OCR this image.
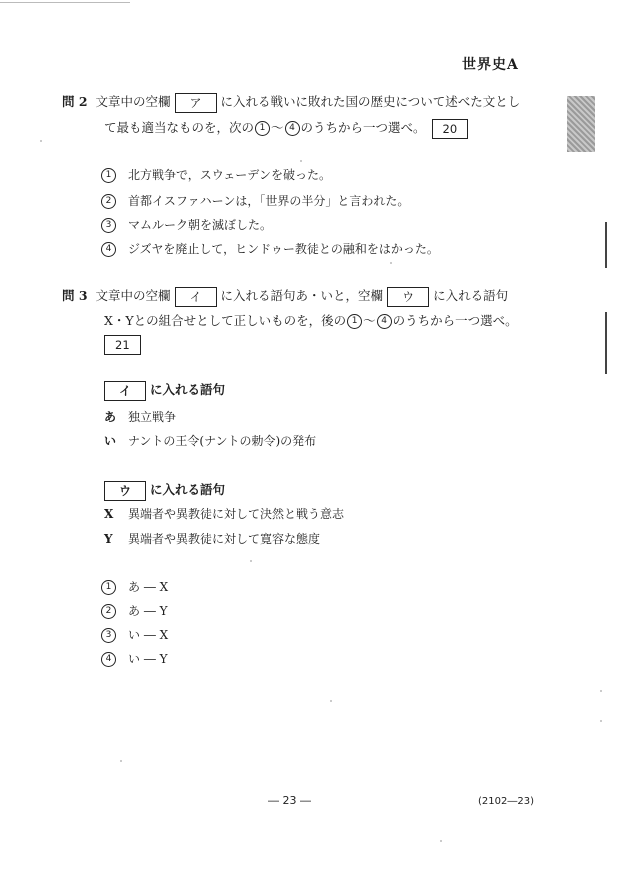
世界史A
問 2 文章中の空欄 ア に入れる戦いに敗れた国の歴史について述べた文とし
て最も適当なものを，次の 1 ～ 4 のうちから一つ選べ。 20
1 北方戦争で，スウェーデンを破った。
2 首都イスファハーンは，「世界の半分」と言われた。
3 マムルーク朝を滅ぼした。
4 ジズヤを廃止して，ヒンドゥー教徒との融和をはかった。
問 3 文章中の空欄 イ に入れる語句あ・いと，空欄 ウ に入れる語句
X・Yとの組合せとして正しいものを，後の 1 ～ 4 のうちから一つ選べ。
21
イ に入れる語句
あ 独立戦争
い ナントの王令(ナントの勅令)の発布
ウ に入れる語句
X 異端者や異教徒に対して決然と戦う意志
Y 異端者や異教徒に対して寛容な態度
1 あ ― X
2 あ ― Y
3 い ― X
4 い ― Y
― 23 ―	(2102―23)
